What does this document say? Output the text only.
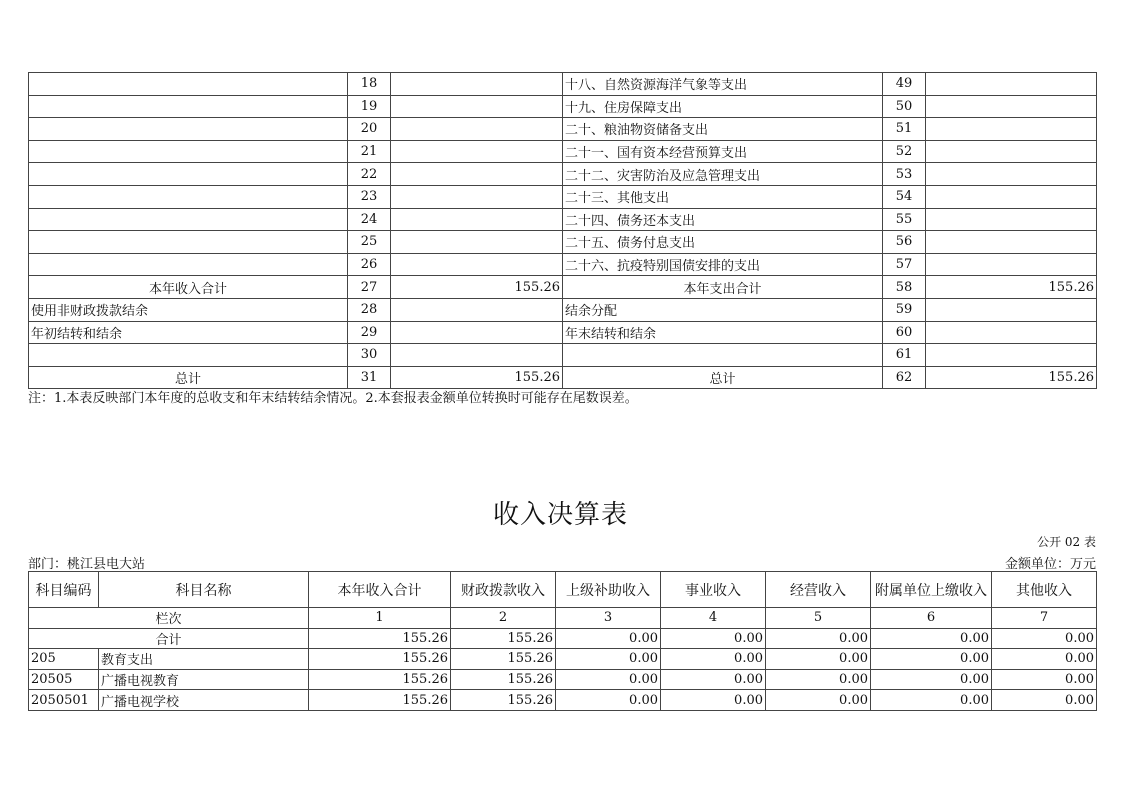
	18		十八、自然资源海洋气象等支出	49	
	19		十九、住房保障支出	50	
	20		二十、粮油物资储备支出	51	
	21		二十一、国有资本经营预算支出	52	
	22		二十二、灾害防治及应急管理支出	53	
	23		二十三、其他支出	54	
	24		二十四、债务还本支出	55	
	25		二十五、债务付息支出	56	
	26		二十六、抗疫特别国债安排的支出	57	
本年收入合计	27	155.26	本年支出合计	58	155.26
使用非财政拨款结余	28		结余分配	59	
年初结转和结余	29		年末结转和结余	60	
	30			61	
总计	31	155.26	总计	62	155.26
注：1.本表反映部门本年度的总收支和年末结转结余情况。2.本套报表金额单位转换时可能存在尾数误差。
收入决算表
公开 02 表
部门：桃江县电大站	金额单位：万元
科目编码	科目名称	本年收入合计	财政拨款收入	上级补助收入	事业收入	经营收入	附属单位上缴收入	其他收入
栏次		1	2	3	4	5	6	7
合计		155.26	155.26	0.00	0.00	0.00	0.00	0.00
205	教育支出	155.26	155.26	0.00	0.00	0.00	0.00	0.00
20505	广播电视教育	155.26	155.26	0.00	0.00	0.00	0.00	0.00
2050501	广播电视学校	155.26	155.26	0.00	0.00	0.00	0.00	0.00
